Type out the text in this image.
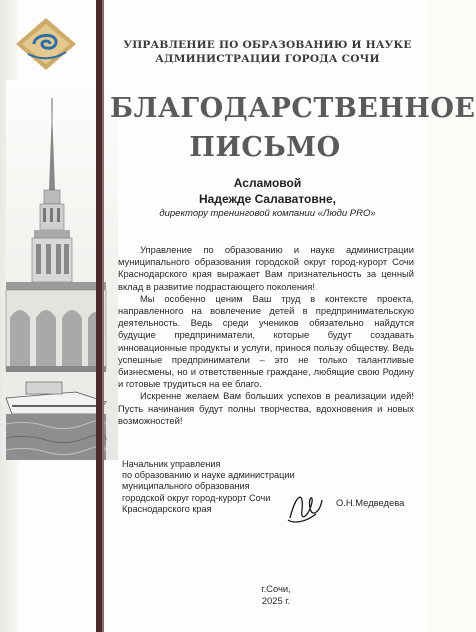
УПРАВЛЕНИЕ ПО ОБРАЗОВАНИЮ И НАУКЕ
АДМИНИСТРАЦИИ ГОРОДА СОЧИ
БЛАГОДАРСТВЕННОЕ
ПИСЬМО
Асламовой
Надежде Салаватовне,
директору тренинговой компании «Люди PRO»

Управление по образованию и науке администрации муниципального образования городской округ город-курорт Сочи Краснодарского края выражает Вам признательность за ценный вклад в развитие подрастающего поколения!

Мы особенно ценим Ваш труд в контексте проекта, направленного на вовлечение детей в предпринимательскую деятельность. Ведь среди учеников обязательно найдутся будущие предприниматели, которые будут создавать инновационные продукты и услуги, принося пользу обществу. Ведь успешные предприниматели – это не только талантливые бизнесмены, но и ответственные граждане, любящие свою Родину и готовые трудиться на ее благо.

Искренне желаем Вам больших успехов в реализации идей! Пусть начинания будут полны творчества, вдохновения и новых возможностей!

Начальник управления
по образованию и науке администрации
муниципального образования
городской округ город-курорт Сочи
Краснодарского края
О.Н.Медведева
г.Сочи,
2025 г.
